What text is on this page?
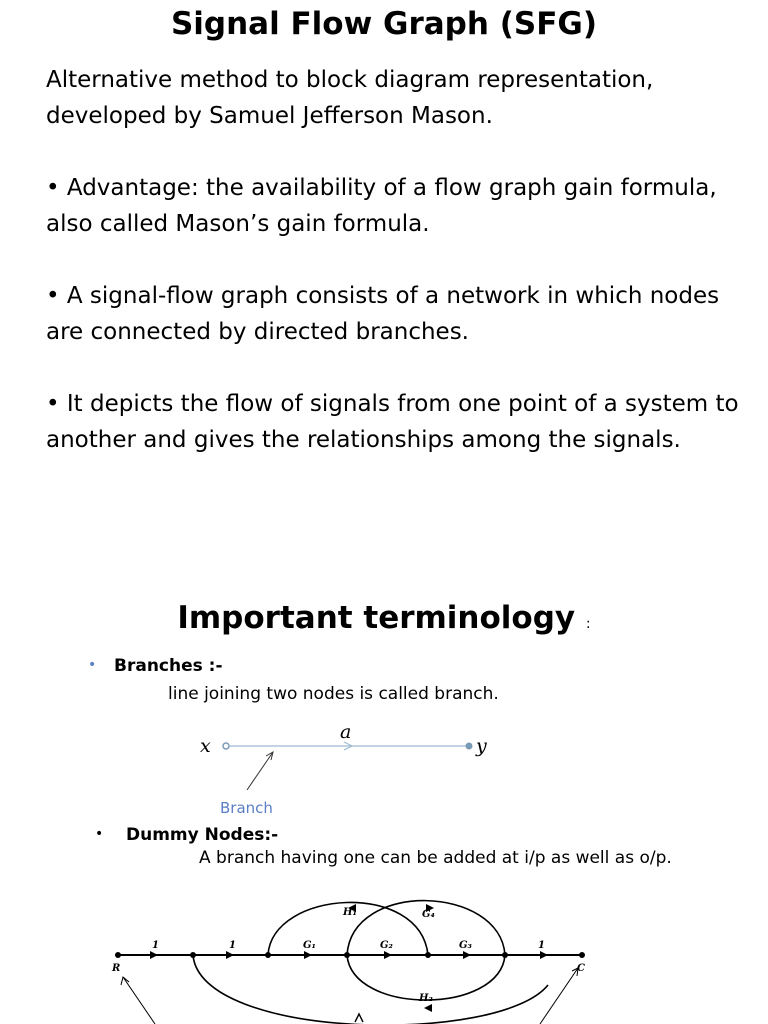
Signal Flow Graph (SFG)

Alternative method to block diagram representation, developed by Samuel Jefferson Mason.

• Advantage: the availability of a flow graph gain formula, also called Mason’s gain formula.

• A signal-flow graph consists of a network in which nodes are connected by directed branches.

• It depicts the flow of signals from one point of a system to another and gives the relationships among the signals.

Important terminology :
• Branches :-
line joining two nodes is called branch.
• Dummy Nodes:-
A branch having one can be added at i/p as well as o/p.
x
a
y
Branch
1	1	G₁	G₂	G₃	1
R	C
H₁	G₄
H₂
